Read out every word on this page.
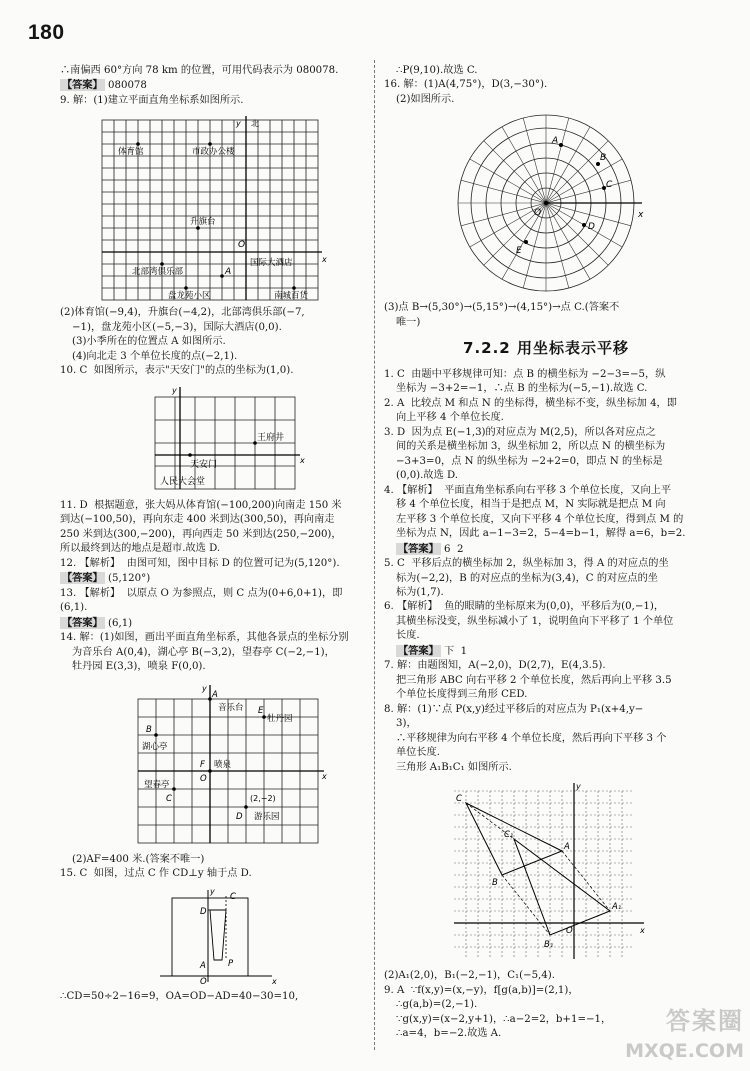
180

∴南偏西 60°方向 78 km 的位置，可用代码表示为 080078.

【答案】 080078

9. 解：(1)建立平面直角坐标系如图所示.

北
y
x
O
体育馆	市政办公楼
升旗台
国际大酒店
北部湾俱乐部
盘龙苑小区	南城百货
A

(2)体育馆(−9,4)，升旗台(−4,2)，北部湾俱乐部(−7,

−1)，盘龙苑小区(−5,−3)，国际大酒店(0,0).

(3)小季所在的位置点 A 如图所示.

(4)向北走 3 个单位长度的点(−2,1).

10. C  如图所示，表示"天安门"的点的坐标为(1,0).

y
x
王府井
天安门
人民大会堂

11. D  根据题意，张大妈从体育馆(−100,200)向南走 150 米

到达(−100,50)，再向东走 400 米到达(300,50)，再向南走

250 米到达(300,−200)，再向西走 50 米到达(250,−200)，

所以最终到达的地点是超市.故选 D.

12. 【解析】  由图可知，图中目标 D 的位置可记为(5,120°).

【答案】 (5,120°)

13. 【解析】  以原点 O 为参照点，则 C 点为(0+6,0+1)，即(6,1).

【答案】 (6,1)

14. 解：(1)如图，画出平面直角坐标系，其他各景点的坐标分别

为音乐台 A(0,4)，湖心亭 B(−3,2)，望春亭 C(−2,−1)，

牡丹园 E(3,3)，喷泉 F(0,0).

y
x
A
音乐台 E
牡丹园
B
湖心亭
F 喷泉
O
望春亭
C	(2,−2)
D 游乐园

(2)AF=400 米.(答案不唯一)

15. C  如图，过点 C 作 CD⊥y 轴于点 D.

C
D
A	P
O	x
y

∴CD=50÷2−16=9，OA=OD−AD=40−30=10,

∴P(9,10).故选 C.

16. 解：(1)A(4,75°)，D(3,−30°).

(2)如图所示.

O	x
A
B
C
D
E

(3)点 B→(5,30°)→(5,15°)→(4,15°)→点 C.(答案不

唯一)

7.2.2 用坐标表示平移

1. C  由题中平移规律可知：点 B 的横坐标为 −2−3=−5，纵

坐标为 −3+2=−1，∴点 B 的坐标为(−5,−1).故选 C.

2. A  比较点 M 和点 N 的坐标得，横坐标不变，纵坐标加 4，即

向上平移 4 个单位长度.

3. D  因为点 E(−1,3)的对应点为 M(2,5)，所以各对应点之

间的关系是横坐标加 3，纵坐标加 2，所以点 N 的横坐标为

−3+3=0，点 N 的纵坐标为 −2+2=0，即点 N 的坐标是

(0,0).故选 D.

4. 【解析】  平面直角坐标系向右平移 3 个单位长度，又向上平

移 4 个单位长度，相当于是把点 M，N 实际就是把点 M 向

左平移 3 个单位长度，又向下平移 4 个单位长度，得到点 M 的

坐标为点 N，因此 a−1−3=2，5−4=b−1，解得 a=6，b=2.

【答案】 6  2

5. C  平移后点的横坐标加 2，纵坐标加 3，得 A 的对应点的坐

标为(−2,2)，B 的对应点的坐标为(3,4)，C 的对应点的坐

标为(1,7).

6. 【解析】  鱼的眼睛的坐标原来为(0,0)，平移后为(0,−1)，

其横坐标没变，纵坐标减小了 1，说明鱼向下平移了 1 个单位

长度.

【答案】 下  1

7. 解：由题图知，A(−2,0)，D(2,7)，E(4,3.5).

把三角形 ABC 向右平移 2 个单位长度，然后再向上平移 3.5

个单位长度得到三角形 CED.

8. 解：(1)∵点 P(x,y)经过平移后的对应点为 P₁(x+4,y−

3)，

∴平移规律为向右平移 4 个单位长度，然后再向下平移 3 个

单位长度.

三角形 A₁B₁C₁ 如图所示.

y
x
O
C
C₁
A
A₁
B
B₁

(2)A₁(2,0)，B₁(−2,−1)，C₁(−5,4).

9. A  ∵f(x,y)=(x,−y)，f[g(a,b)]=(2,1)，

∴g(a,b)=(2,−1).

∵g(x,y)=(x−2,y+1)，∴a−2=2，b+1=−1，

∴a=4，b=−2.故选 A.	答案圈
MXQE.COM
